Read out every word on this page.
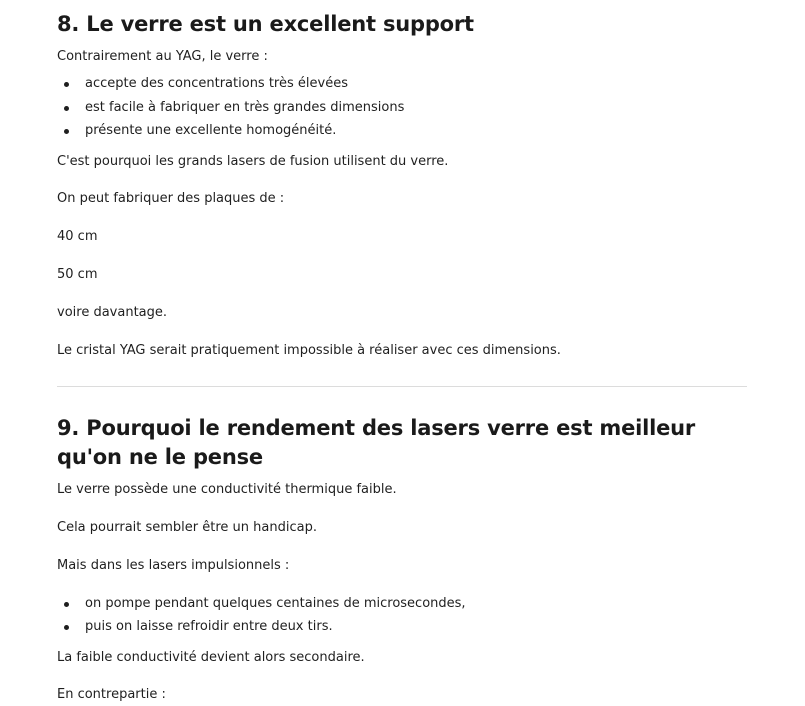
8. Le verre est un excellent support

Contrairement au YAG, le verre :

accepte des concentrations très élevées
est facile à fabriquer en très grandes dimensions
présente une excellente homogénéité.

C'est pourquoi les grands lasers de fusion utilisent du verre.

On peut fabriquer des plaques de :

40 cm

50 cm

voire davantage.

Le cristal YAG serait pratiquement impossible à réaliser avec ces dimensions.

9. Pourquoi le rendement des lasers verre est meilleur qu'on ne le pense

Le verre possède une conductivité thermique faible.

Cela pourrait sembler être un handicap.

Mais dans les lasers impulsionnels :

on pompe pendant quelques centaines de microsecondes,
puis on laisse refroidir entre deux tirs.

La faible conductivité devient alors secondaire.

En contrepartie :
